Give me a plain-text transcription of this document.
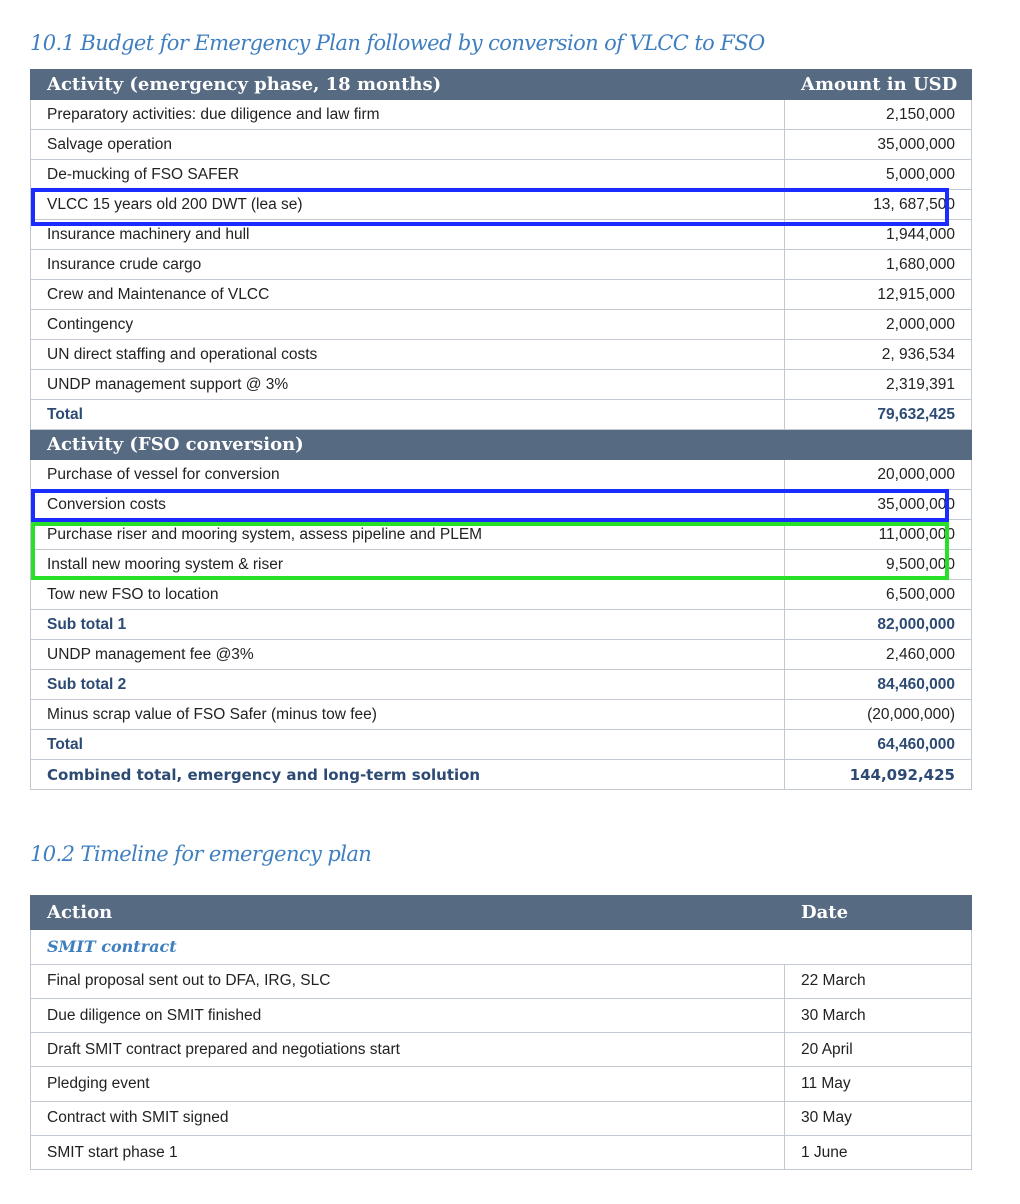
10.1 Budget for Emergency Plan followed by conversion of VLCC to FSO
Activity (emergency phase, 18 months)	Amount in USD
Preparatory activities: due diligence and law firm	2,150,000
Salvage operation	35,000,000
De-mucking of FSO SAFER	5,000,000
VLCC 15 years old 200 DWT (lea se)	13, 687,500
Insurance machinery and hull	1,944,000
Insurance crude cargo	1,680,000
Crew and Maintenance of VLCC	12,915,000
Contingency	2,000,000
UN direct staffing and operational costs	2, 936,534
UNDP management support @ 3%	2,319,391
Total	79,632,425
Activity (FSO conversion)	
Purchase of vessel for conversion	20,000,000
Conversion costs	35,000,000
Purchase riser and mooring system, assess pipeline and PLEM	11,000,000
Install new mooring system & riser	9,500,000
Tow new FSO to location	6,500,000
Sub total 1	82,000,000
UNDP management fee @3%	2,460,000
Sub total 2	84,460,000
Minus scrap value of FSO Safer (minus tow fee)	(20,000,000)
Total	64,460,000
Combined total, emergency and long-term solution	144,092,425
10.2 Timeline for emergency plan
Action	Date
SMIT contract	
Final proposal sent out to DFA, IRG, SLC	22 March
Due diligence on SMIT finished	30 March
Draft SMIT contract prepared and negotiations start	20 April
Pledging event	11 May
Contract with SMIT signed	30 May
SMIT start phase 1	1 June
